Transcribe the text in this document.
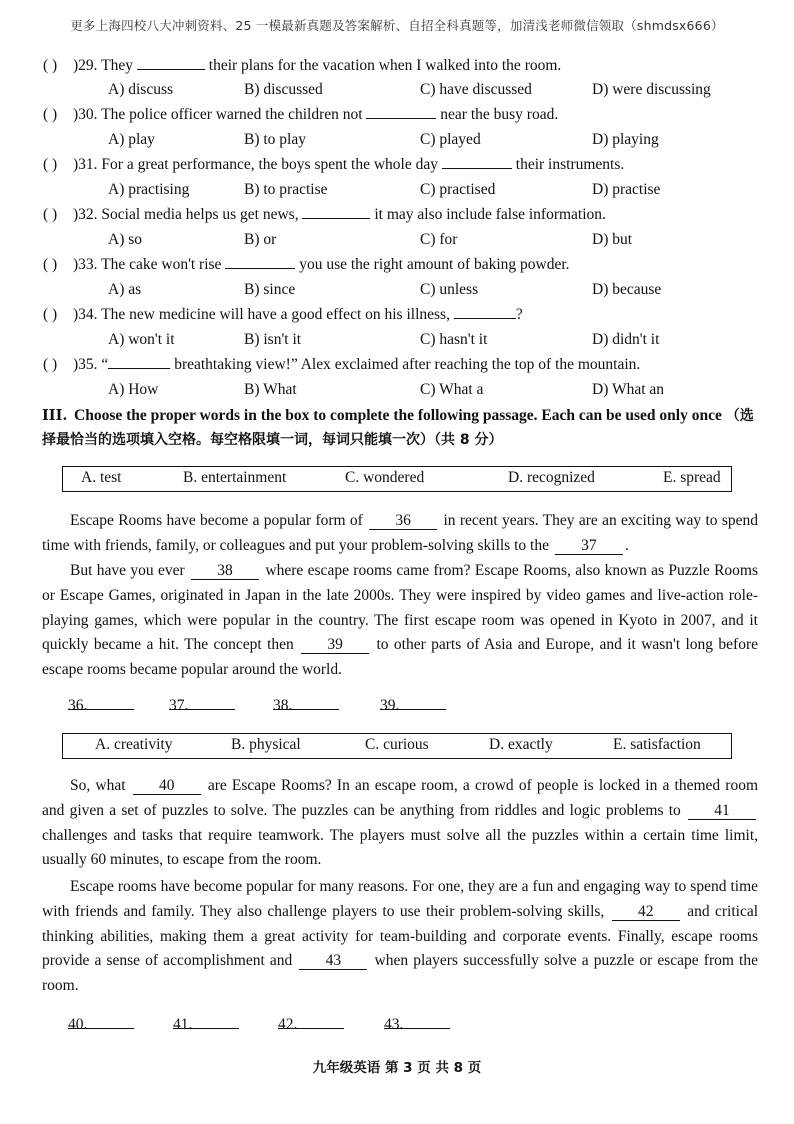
更多上海四校八大冲刺资料、25 一模最新真题及答案解析、自招全科真题等，加清浅老师微信领取（shmdsx666）
( ) )29. They	their plans for the vacation when I walked into the room.
A) discuss	B) discussed	C) have discussed	D) were discussing
( ) )30. The police officer warned the children not	near the busy road.
A) play	B) to play	C) played	D) playing
( ) )31. For a great performance, the boys spent the whole day	their instruments.
A) practising	B) to practise	C) practised	D) practise
( ) )32. Social media helps us get news,	it may also include false information.
A) so	B) or	C) for	D) but
( ) )33. The cake won't rise	you use the right amount of baking powder.
A) as	B) since	C) unless	D) because
( ) )34. The new medicine will have a good effect on his illness,	?
A) won't it	B) isn't it	C) hasn't it	D) didn't it
( ) )35. “	breathtaking view!” Alex exclaimed after reaching the top of the mountain.
A) How	B) What	C) What a	D) What an
III. Choose the proper words in the box to complete the following passage. Each can be used only once （选择最恰当的选项填入空格。每空格限填一词，每词只能填一次）（共 8 分）
A. test	B. entertainment	C. wondered	D. recognized	E. spread
Escape Rooms have become a popular form of 36 in recent years. They are an exciting way to spend time with friends, family, or colleagues and put your problem-solving skills to the 37 .
But have you ever 38 where escape rooms came from? Escape Rooms, also known as Puzzle Rooms or Escape Games, originated in Japan in the late 2000s. They were inspired by video games and live-action role-playing games, which were popular in the country. The first escape room was opened in Kyoto in 2007, and it quickly became a hit. The concept then 39 to other parts of Asia and Europe, and it wasn't long before escape rooms became popular around the world.
36.	37.	38.	39.
A. creativity	B. physical	C. curious	D. exactly	E. satisfaction
So, what 40 are Escape Rooms? In an escape room, a crowd of people is locked in a themed room and given a set of puzzles to solve. The puzzles can be anything from riddles and logic problems to 41 challenges and tasks that require teamwork. The players must solve all the puzzles within a certain time limit, usually 60 minutes, to escape from the room.
Escape rooms have become popular for many reasons. For one, they are a fun and engaging way to spend time with friends and family. They also challenge players to use their problem-solving skills, 42 and critical thinking abilities, making them a great activity for team-building and corporate events. Finally, escape rooms provide a sense of accomplishment and 43 when players successfully solve a puzzle or escape from the room.
40.	41.	42.	43.
九年级英语 第 3 页 共 8 页
